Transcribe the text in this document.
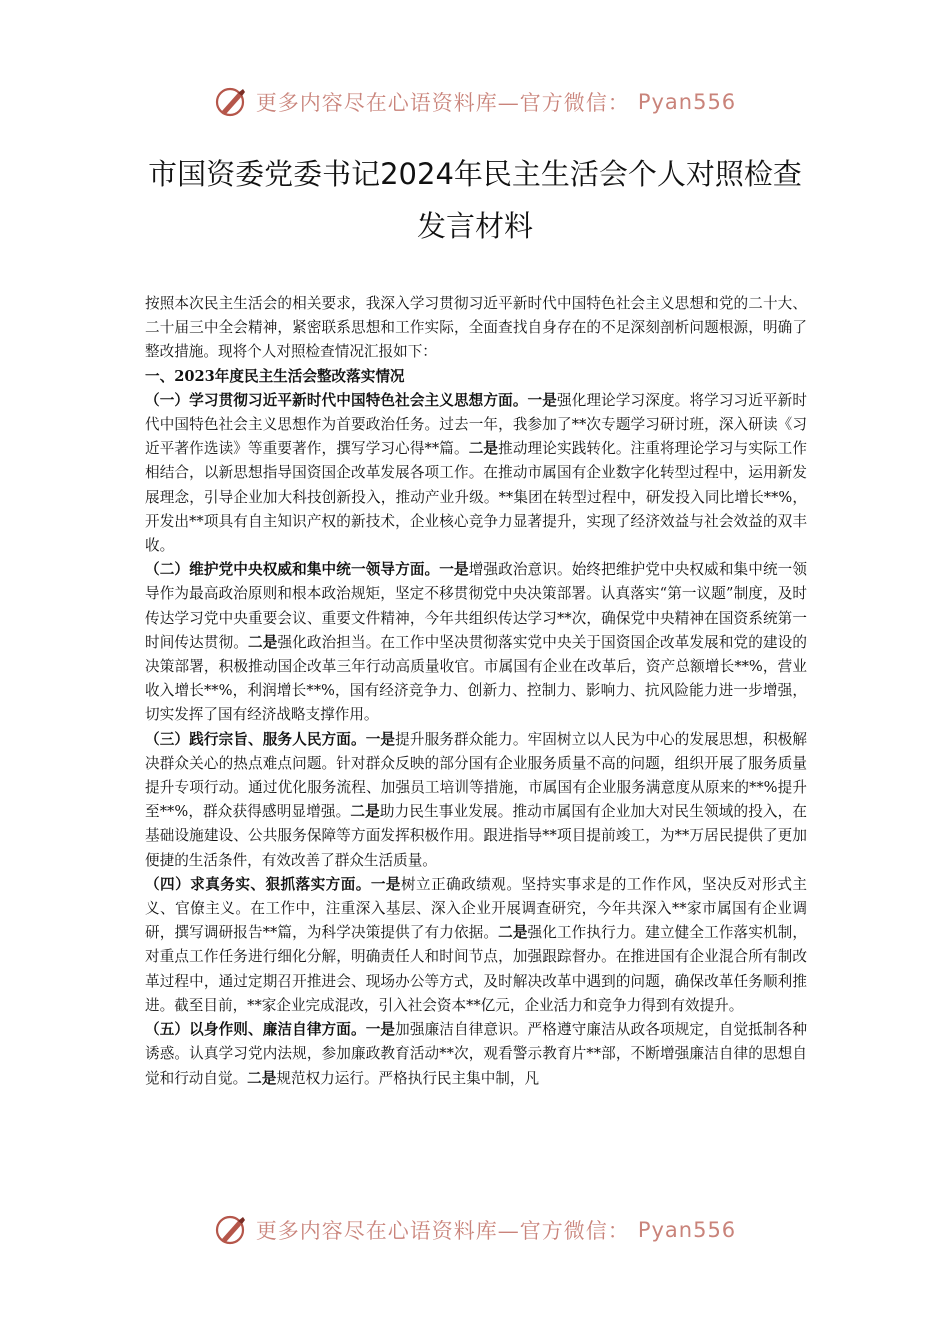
更多内容尽在心语资料库—官方微信： Pyan556
市国资委党委书记2024年民主生活会个人对照检查
发言材料

按照本次民主生活会的相关要求，我深入学习贯彻习近平新时代中国特色社会主义思想和党的二十大、二十届三中全会精神，紧密联系思想和工作实际，全面查找自身存在的不足深刻剖析问题根源，明确了整改措施。现将个人对照检查情况汇报如下：

一、2023年度民主生活会整改落实情况

（一）学习贯彻习近平新时代中国特色社会主义思想方面。一是强化理论学习深度。将学习习近平新时代中国特色社会主义思想作为首要政治任务。过去一年，我参加了**次专题学习研讨班，深入研读《习近平著作选读》等重要著作，撰写学习心得**篇。二是推动理论实践转化。注重将理论学习与实际工作相结合，以新思想指导国资国企改革发展各项工作。在推动市属国有企业数字化转型过程中，运用新发展理念，引导企业加大科技创新投入，推动产业升级。**集团在转型过程中，研发投入同比增长**%，开发出**项具有自主知识产权的新技术，企业核心竞争力显著提升，实现了经济效益与社会效益的双丰收。

（二）维护党中央权威和集中统一领导方面。一是增强政治意识。始终把维护党中央权威和集中统一领导作为最高政治原则和根本政治规矩，坚定不移贯彻党中央决策部署。认真落实“第一议题”制度，及时传达学习党中央重要会议、重要文件精神，今年共组织传达学习**次，确保党中央精神在国资系统第一时间传达贯彻。二是强化政治担当。在工作中坚决贯彻落实党中央关于国资国企改革发展和党的建设的决策部署，积极推动国企改革三年行动高质量收官。市属国有企业在改革后，资产总额增长**%，营业收入增长**%，利润增长**%，国有经济竞争力、创新力、控制力、影响力、抗风险能力进一步增强，切实发挥了国有经济战略支撑作用。

（三）践行宗旨、服务人民方面。一是提升服务群众能力。牢固树立以人民为中心的发展思想，积极解决群众关心的热点难点问题。针对群众反映的部分国有企业服务质量不高的问题，组织开展了服务质量提升专项行动。通过优化服务流程、加强员工培训等措施，市属国有企业服务满意度从原来的**%提升至**%，群众获得感明显增强。二是助力民生事业发展。推动市属国有企业加大对民生领域的投入，在基础设施建设、公共服务保障等方面发挥积极作用。跟进指导**项目提前竣工，为**万居民提供了更加便捷的生活条件，有效改善了群众生活质量。

（四）求真务实、狠抓落实方面。一是树立正确政绩观。坚持实事求是的工作作风，坚决反对形式主义、官僚主义。在工作中，注重深入基层、深入企业开展调查研究，今年共深入**家市属国有企业调研，撰写调研报告**篇，为科学决策提供了有力依据。二是强化工作执行力。建立健全工作落实机制，对重点工作任务进行细化分解，明确责任人和时间节点，加强跟踪督办。在推进国有企业混合所有制改革过程中，通过定期召开推进会、现场办公等方式，及时解决改革中遇到的问题，确保改革任务顺利推进。截至目前，**家企业完成混改，引入社会资本**亿元，企业活力和竞争力得到有效提升。

（五）以身作则、廉洁自律方面。一是加强廉洁自律意识。严格遵守廉洁从政各项规定，自觉抵制各种诱惑。认真学习党内法规，参加廉政教育活动**次，观看警示教育片**部，不断增强廉洁自律的思想自觉和行动自觉。二是规范权力运行。严格执行民主集中制，凡

更多内容尽在心语资料库—官方微信： Pyan556
